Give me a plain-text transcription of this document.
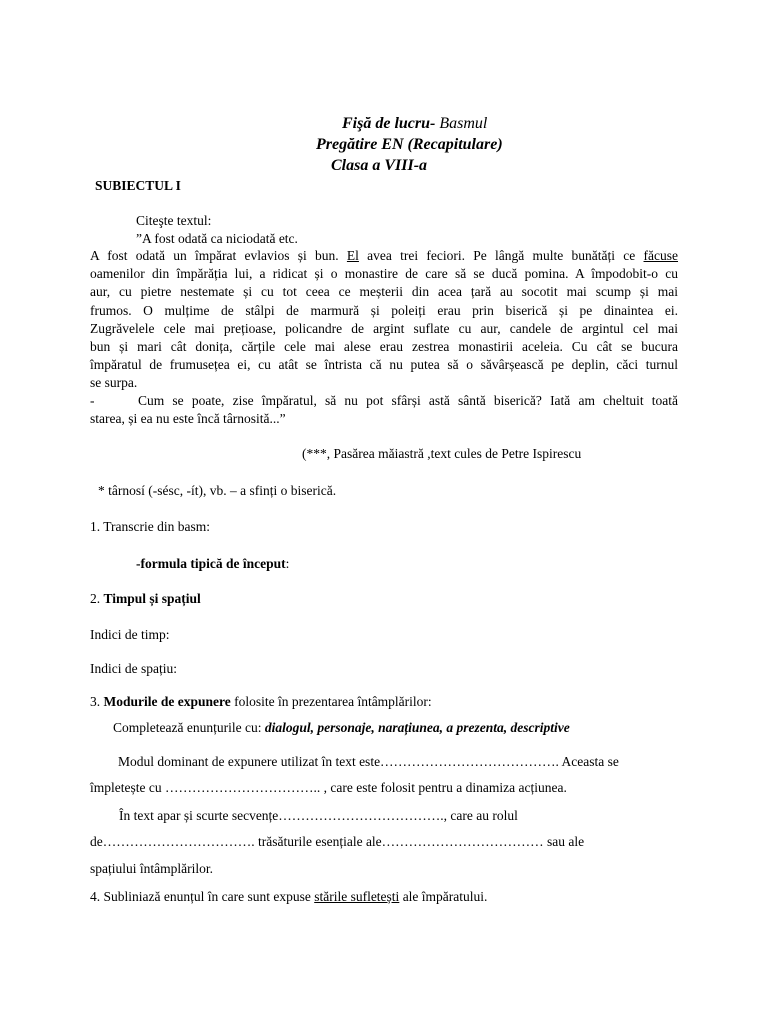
Fişă de lucru- Basmul
Pregătire EN (Recapitulare)
Clasa a VIII-a
SUBIECTUL I
Citeşte textul:
”A fost odată ca niciodată etc.
A fost odată un împărat evlavios și bun. El avea trei feciori. Pe lângă multe bunătăți ce făcuse
oamenilor din împărăția lui, a ridicat și o monastire de care să se ducă pomina. A împodobit-o cu
aur, cu pietre nestemate și cu tot ceea ce meșterii din acea țară au socotit mai scump și mai
frumos. O mulțime de stâlpi de marmură și poleiți erau prin biserică și pe dinaintea ei.
Zugrăvelele cele mai prețioase, policandre de argint suflate cu aur, candele de argintul cel mai
bun și mari cât donița, cărțile cele mai alese erau zestrea monastirii aceleia. Cu cât se bucura
împăratul de frumusețea ei, cu atât se întrista că nu putea să o săvârșească pe deplin, căci turnul
se surpa.
-	Cum se poate, zise împăratul, să nu pot sfârși astă sântă biserică? Iată am cheltuit toată
starea, și ea nu este încă târnosită...”
(***, Pasărea măiastră ,text cules de Petre Ispirescu
* târnosí (-sésc, -ít), vb. – a sfinți o biserică.
1. Transcrie din basm:
-formula tipică de început:
2. Timpul și spațiul
Indici de timp:
Indici de spațiu:
3. Modurile de expunere folosite în prezentarea întâmplărilor:
Completează enunțurile cu: dialogul, personaje, narațiunea, a prezenta, descriptive
Modul dominant de expunere utilizat în text este…………………………………. Aceasta se
împletește cu …………………………….. , care este folosit pentru a dinamiza acțiunea.
În text apar și scurte secvențe………………………………., care au rolul
de……………………………. trăsăturile esențiale ale……………………………… sau ale
spațiului întâmplărilor.
4. Subliniază enunțul în care sunt expuse stările sufletești ale împăratului.
